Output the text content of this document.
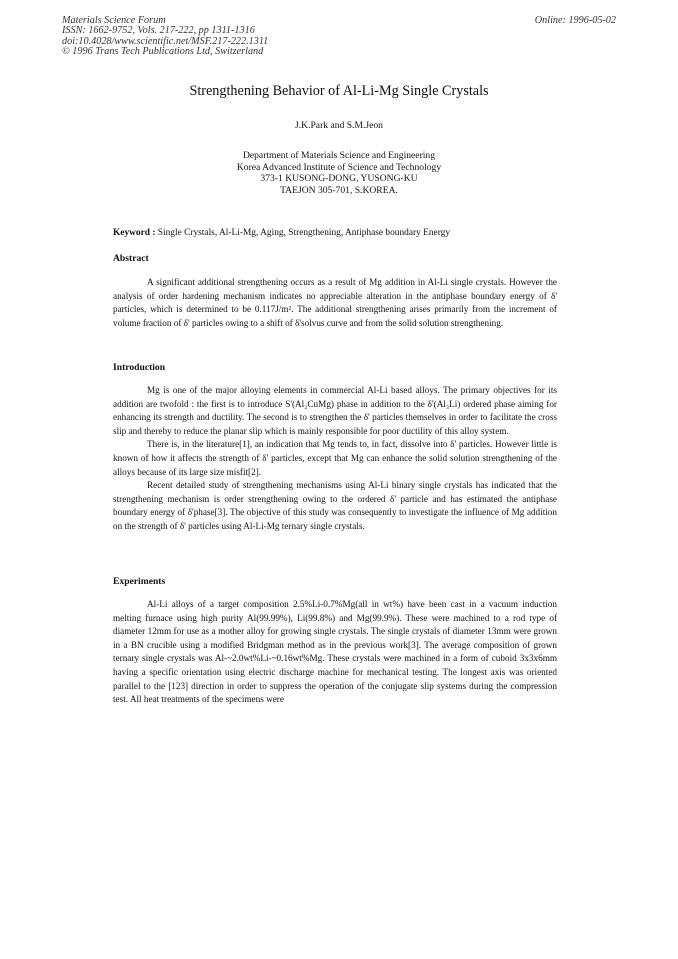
Materials Science Forum
ISSN: 1662-9752, Vols. 217-222, pp 1311-1316
doi:10.4028/www.scientific.net/MSF.217-222.1311
© 1996 Trans Tech Publications Ltd, Switzerland
Online: 1996-05-02
Strengthening Behavior of Al-Li-Mg Single Crystals
J.K.Park and S.M.Jeon
Department of Materials Science and Engineering
Korea Advanced Institute of Science and Technology
373-1 KUSONG-DONG, YUSONG-KU
TAEJON 305-701, S.KOREA.
Keyword : Single Crystals, Al-Li-Mg, Aging, Strengthening, Antiphase boundary Energy
Abstract

A significant additional strengthening occurs as a result of Mg addition in Al-Li single crystals. However the analysis of order hardening mechanism indicates no appreciable alteration in the antiphase boundary energy of δ' particles, which is determined to be 0.117J/m². The additional strengthening arises primarily from the increment of volume fraction of δ' particles owing to a shift of δ'solvus curve and from the solid solution strengthening.

Introduction

Mg is one of the major alloying elements in commercial Al-Li based alloys. The primary objectives for its addition are twofold : the first is to introduce S'(Al₂CuMg) phase in addition to the δ'(Al₃Li) ordered phase aiming for enhancing its strength and ductility. The second is to strengthen the δ' particles themselves in order to facilitate the cross slip and thereby to reduce the planar slip which is mainly responsible for poor ductility of this alloy system.

There is, in the literature[1], an indication that Mg tends to, in fact, dissolve into δ' particles. However little is known of how it affects the strength of δ' particles, except that Mg can enhance the solid solution strengthening of the alloys because of its large size misfit[2].

Recent detailed study of strengthening mechanisms using Al-Li binary single crystals has indicated that the strengthening mechanism is order strengthening owing to the ordered δ' particle and has estimated the antiphase boundary energy of δ'phase[3]. The objective of this study was consequently to investigate the influence of Mg addition on the strength of δ' particles using Al-Li-Mg ternary single crystals.

Experiments

Al-Li alloys of a target composition 2.5%Li-0.7%Mg(all in wt%) have been cast in a vacuum induction melting furnace using high purity Al(99.99%), Li(99.8%) and Mg(99.9%). These were machined to a rod type of diameter 12mm for use as a mother alloy for growing single crystals. The single crystals of diameter 13mm were grown in a BN crucible using a modified Bridgman method as in the previous work[3]. The average composition of grown ternary single crystals was Al-~2.0wt%Li-~0.16wt%Mg. These crystals were machined in a form of cuboid 3x3x6mm having a specific orientation using electric discharge machine for mechanical testing. The longest axis was oriented parallel to the [123] direction in order to suppress the operation of the conjugate slip systems during the compression test. All heat treatments of the specimens were
